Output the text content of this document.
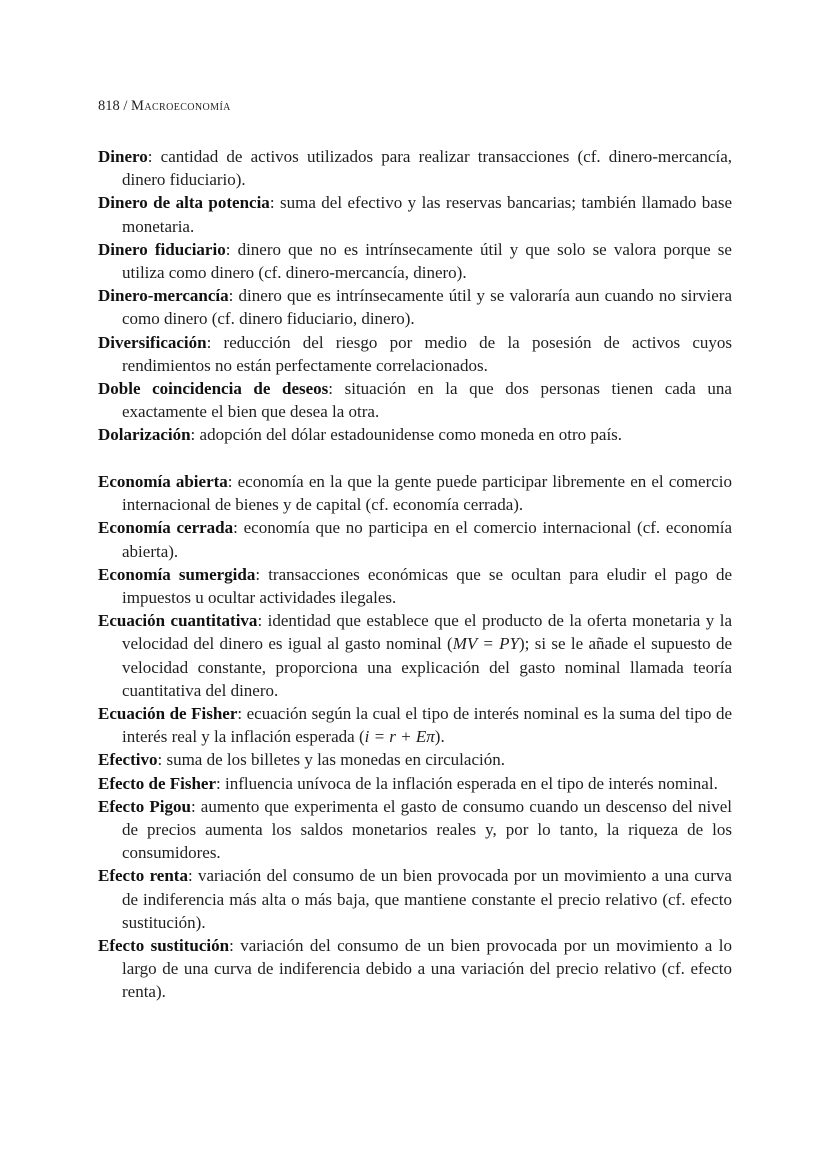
818 / Macroeconomía

Dinero: cantidad de activos utilizados para realizar transacciones (cf. dinero-mercancía, dinero fiduciario).

Dinero de alta potencia: suma del efectivo y las reservas bancarias; también llamado base monetaria.

Dinero fiduciario: dinero que no es intrínsecamente útil y que solo se valora porque se utiliza como dinero (cf. dinero-mercancía, dinero).

Dinero-mercancía: dinero que es intrínsecamente útil y se valoraría aun cuando no sirviera como dinero (cf. dinero fiduciario, dinero).

Diversificación: reducción del riesgo por medio de la posesión de activos cuyos rendimientos no están perfectamente correlacionados.

Doble coincidencia de deseos: situación en la que dos personas tienen cada una exactamente el bien que desea la otra.

Dolarización: adopción del dólar estadounidense como moneda en otro país.

Economía abierta: economía en la que la gente puede participar libremente en el comercio internacional de bienes y de capital (cf. economía cerrada).

Economía cerrada: economía que no participa en el comercio internacional (cf. economía abierta).

Economía sumergida: transacciones económicas que se ocultan para eludir el pago de impuestos u ocultar actividades ilegales.

Ecuación cuantitativa: identidad que establece que el producto de la oferta monetaria y la velocidad del dinero es igual al gasto nominal (MV = PY); si se le añade el supuesto de velocidad constante, proporciona una explicación del gasto nominal llamada teoría cuantitativa del dinero.

Ecuación de Fisher: ecuación según la cual el tipo de interés nominal es la suma del tipo de interés real y la inflación esperada (i = r + Eπ).

Efectivo: suma de los billetes y las monedas en circulación.

Efecto de Fisher: influencia unívoca de la inflación esperada en el tipo de interés nominal.

Efecto Pigou: aumento que experimenta el gasto de consumo cuando un descenso del nivel de precios aumenta los saldos monetarios reales y, por lo tanto, la riqueza de los consumidores.

Efecto renta: variación del consumo de un bien provocada por un movimiento a una curva de indiferencia más alta o más baja, que mantiene constante el precio relativo (cf. efecto sustitución).

Efecto sustitución: variación del consumo de un bien provocada por un movimiento a lo largo de una curva de indiferencia debido a una variación del precio relativo (cf. efecto renta).
